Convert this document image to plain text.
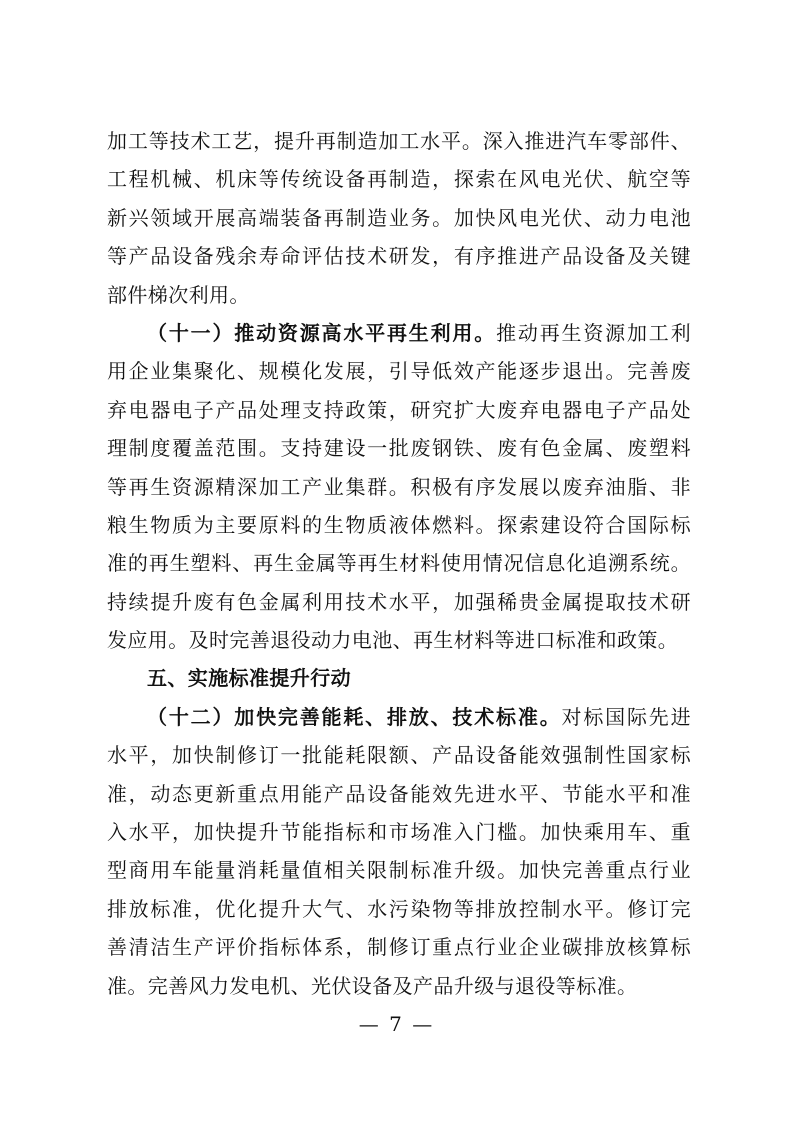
加工等技术工艺，提升再制造加工水平。深入推进汽车零部件、

工程机械、机床等传统设备再制造，探索在风电光伏、航空等

新兴领域开展高端装备再制造业务。加快风电光伏、动力电池

等产品设备残余寿命评估技术研发，有序推进产品设备及关键

部件梯次利用。

（十一）推动资源高水平再生利用。推动再生资源加工利

用企业集聚化、规模化发展，引导低效产能逐步退出。完善废

弃电器电子产品处理支持政策，研究扩大废弃电器电子产品处

理制度覆盖范围。支持建设一批废钢铁、废有色金属、废塑料

等再生资源精深加工产业集群。积极有序发展以废弃油脂、非

粮生物质为主要原料的生物质液体燃料。探索建设符合国际标

准的再生塑料、再生金属等再生材料使用情况信息化追溯系统。

持续提升废有色金属利用技术水平，加强稀贵金属提取技术研

发应用。及时完善退役动力电池、再生材料等进口标准和政策。

五、实施标准提升行动

（十二）加快完善能耗、排放、技术标准。对标国际先进

水平，加快制修订一批能耗限额、产品设备能效强制性国家标

准，动态更新重点用能产品设备能效先进水平、节能水平和准

入水平，加快提升节能指标和市场准入门槛。加快乘用车、重

型商用车能量消耗量值相关限制标准升级。加快完善重点行业

排放标准，优化提升大气、水污染物等排放控制水平。修订完

善清洁生产评价指标体系，制修订重点行业企业碳排放核算标

准。完善风力发电机、光伏设备及产品升级与退役等标准。

— 7 —
